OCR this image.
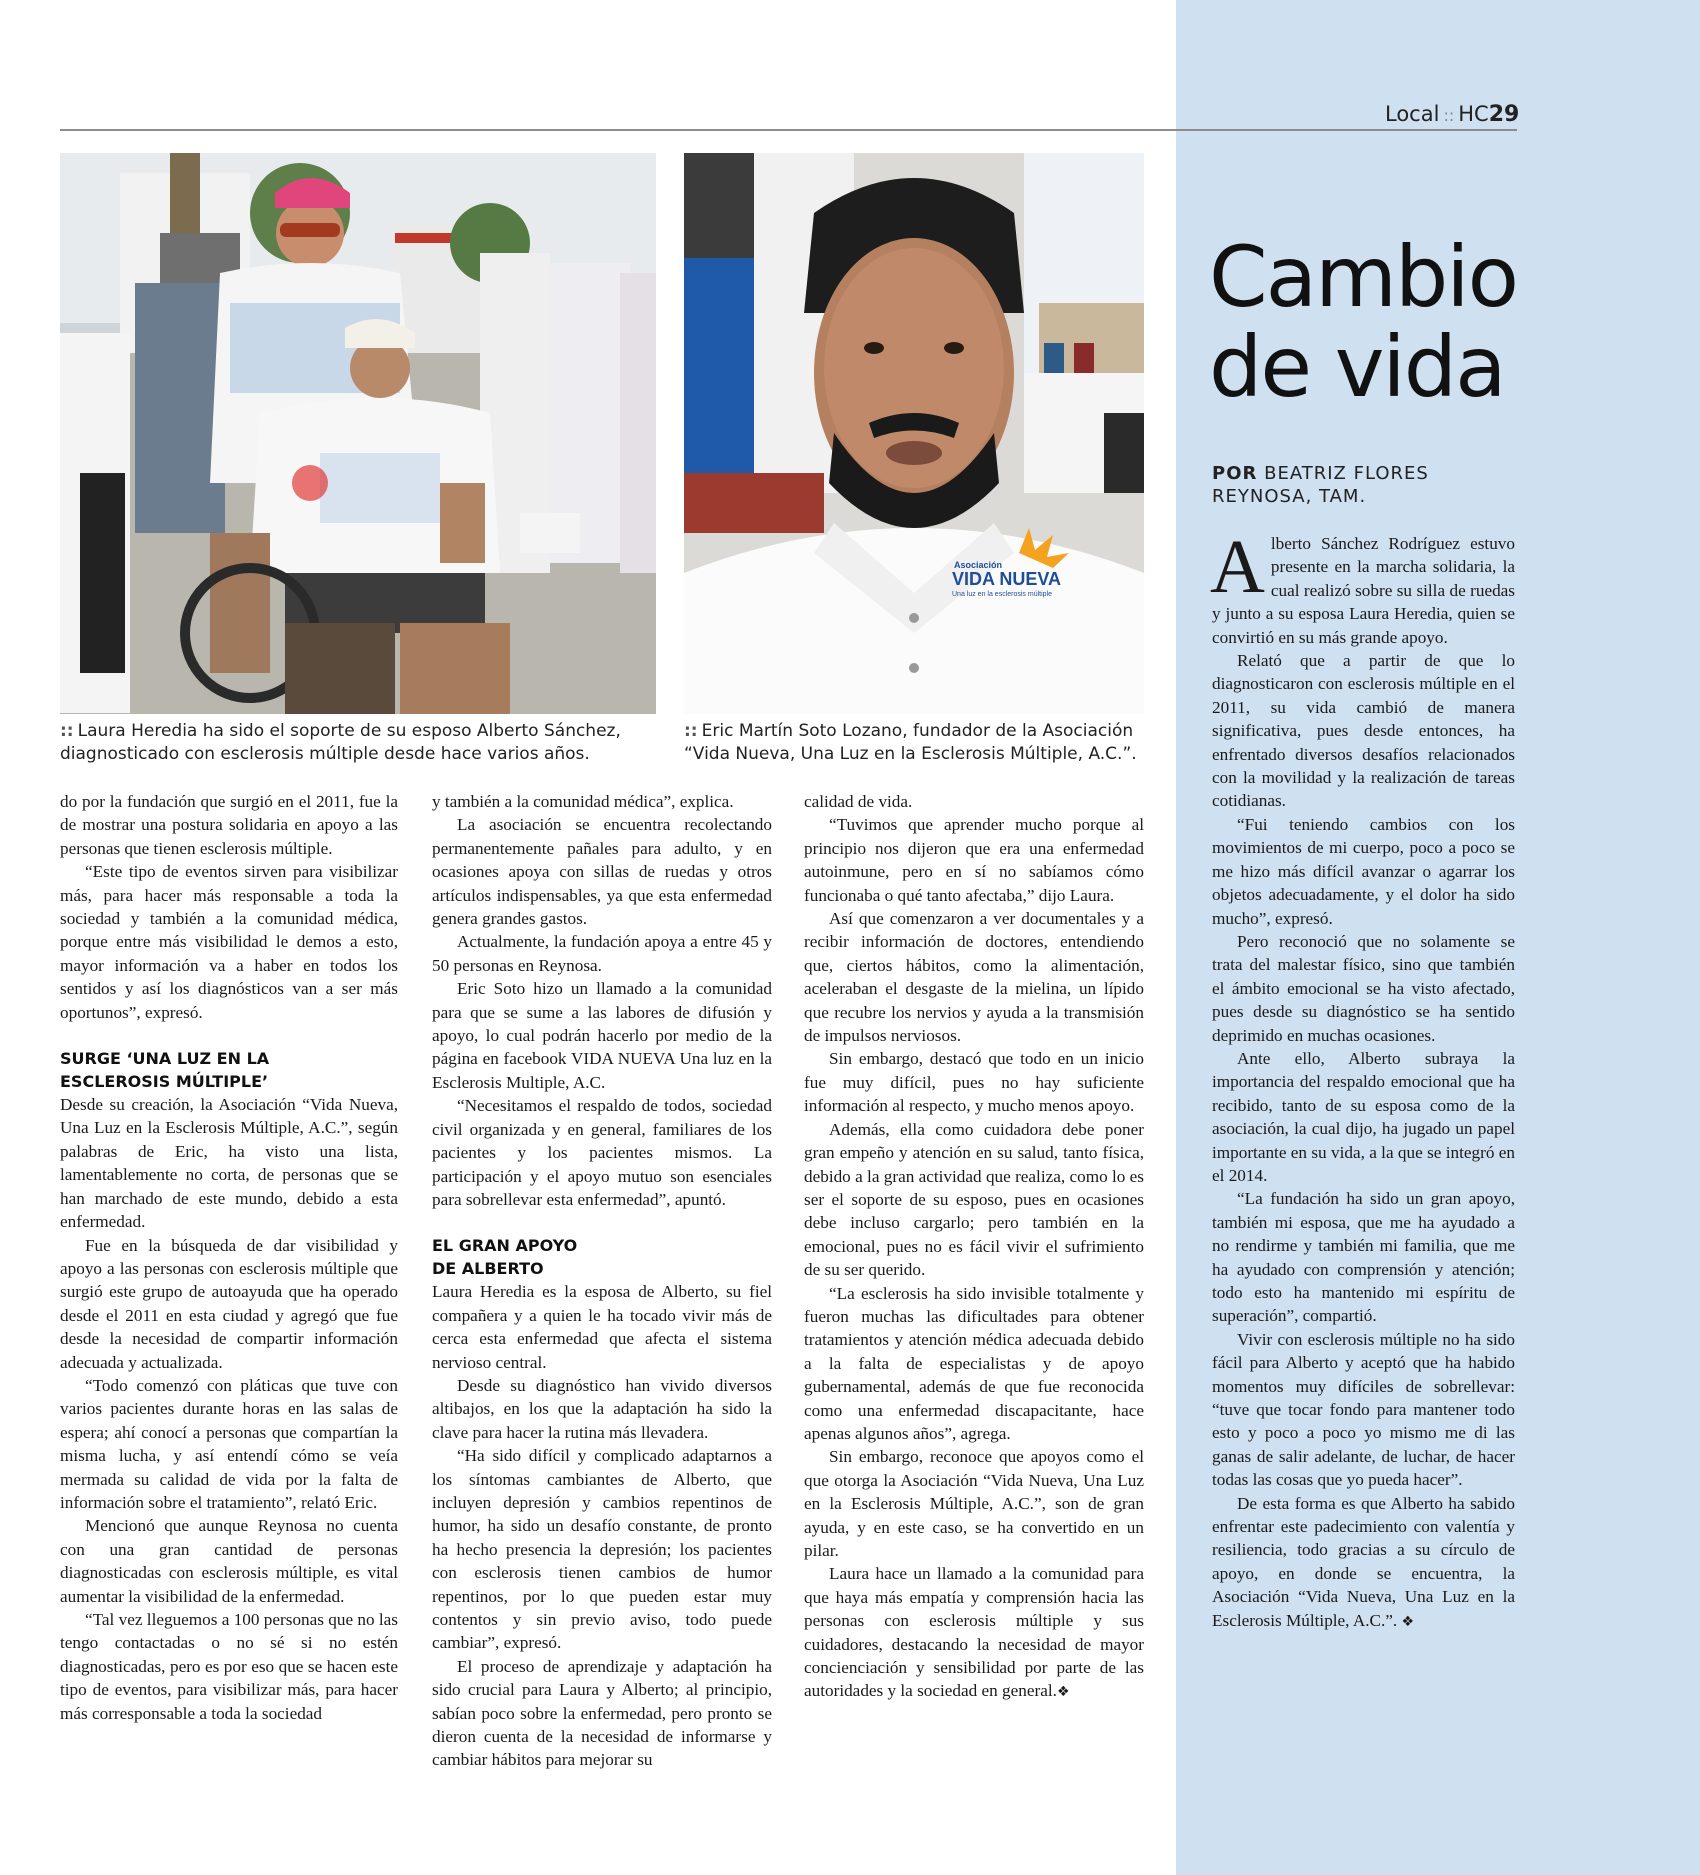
Local :: HC29
Asociación
VIDA NUEVA
Una luz en la esclerosis múltiple
:: Laura Heredia ha sido el soporte de su esposo Alberto Sánchez, diagnosticado con esclerosis múltiple desde hace varios años.
:: Eric Martín Soto Lozano, fundador de la Asociación “Vida Nueva, Una Luz en la Esclerosis Múltiple, A.C.”.

do por la fundación que surgió en el 2011, fue la de mostrar una postura solidaria en apoyo a las personas que tienen esclerosis múltiple.

“Este tipo de eventos sirven para visibilizar más, para hacer más responsable a toda la sociedad y también a la comunidad médica, porque entre más visibilidad le demos a esto, mayor información va a haber en todos los sentidos y así los diagnósticos van a ser más oportunos”, expresó.

SURGE ‘UNA LUZ EN LA
ESCLEROSIS MÚLTIPLE’

Desde su creación, la Asociación “Vida Nueva, Una Luz en la Esclerosis Múltiple, A.C.”, según palabras de Eric, ha visto una lista, lamentablemente no corta, de personas que se han marchado de este mundo, debido a esta enfermedad.

Fue en la búsqueda de dar visibilidad y apoyo a las personas con esclerosis múltiple que surgió este grupo de autoayuda que ha operado desde el 2011 en esta ciudad y agregó que fue desde la necesidad de compartir información adecuada y actualizada.

“Todo comenzó con pláticas que tuve con varios pacientes durante horas en las salas de espera; ahí conocí a personas que compartían la misma lucha, y así entendí cómo se veía mermada su calidad de vida por la falta de información sobre el tratamiento”, relató Eric.

Mencionó que aunque Reynosa no cuenta con una gran cantidad de personas diagnosticadas con esclerosis múltiple, es vital aumentar la visibilidad de la enfermedad.

“Tal vez lleguemos a 100 personas que no las tengo contactadas o no sé si no estén diagnosticadas, pero es por eso que se hacen este tipo de eventos, para visibilizar más, para hacer más corresponsable a toda la sociedad

y también a la comunidad médica”, explica.

La asociación se encuentra recolectando permanentemente pañales para adulto, y en ocasiones apoya con sillas de ruedas y otros artículos indispensables, ya que esta enfermedad genera grandes gastos.

Actualmente, la fundación apoya a entre 45 y 50 personas en Reynosa.

Eric Soto hizo un llamado a la comunidad para que se sume a las labores de difusión y apoyo, lo cual podrán hacerlo por medio de la página en facebook VIDA NUEVA Una luz en la Esclerosis Multiple, A.C.

“Necesitamos el respaldo de todos, sociedad civil organizada y en general, familiares de los pacientes y los pacientes mismos. La participación y el apoyo mutuo son esenciales para sobrellevar esta enfermedad”, apuntó.

EL GRAN APOYO
DE ALBERTO

Laura Heredia es la esposa de Alberto, su fiel compañera y a quien le ha tocado vivir más de cerca esta enfermedad que afecta el sistema nervioso central.

Desde su diagnóstico han vivido diversos altibajos, en los que la adaptación ha sido la clave para hacer la rutina más llevadera.

“Ha sido difícil y complicado adaptarnos a los síntomas cambiantes de Alberto, que incluyen depresión y cambios repentinos de humor, ha sido un desafío constante, de pronto ha hecho presencia la depresión; los pacientes con esclerosis tienen cambios de humor repentinos, por lo que pueden estar muy contentos y sin previo aviso, todo puede cambiar”, expresó.

El proceso de aprendizaje y adaptación ha sido crucial para Laura y Alberto; al principio, sabían poco sobre la enfermedad, pero pronto se dieron cuenta de la necesidad de informarse y cambiar hábitos para mejorar su

calidad de vida.

“Tuvimos que aprender mucho porque al principio nos dijeron que era una enfermedad autoinmune, pero en sí no sabíamos cómo funcionaba o qué tanto afectaba,” dijo Laura.

Así que comenzaron a ver documentales y a recibir información de doctores, entendiendo que, ciertos hábitos, como la alimentación, aceleraban el desgaste de la mielina, un lípido que recubre los nervios y ayuda a la transmisión de impulsos nerviosos.

Sin embargo, destacó que todo en un inicio fue muy difícil, pues no hay suficiente información al respecto, y mucho menos apoyo.

Además, ella como cuidadora debe poner gran empeño y atención en su salud, tanto física, debido a la gran actividad que realiza, como lo es ser el soporte de su esposo, pues en ocasiones debe incluso cargarlo; pero también en la emocional, pues no es fácil vivir el sufrimiento de su ser querido.

“La esclerosis ha sido invisible totalmente y fueron muchas las dificultades para obtener tratamientos y atención médica adecuada debido a la falta de especialistas y de apoyo gubernamental, además de que fue reconocida como una enfermedad discapacitante, hace apenas algunos años”, agrega.

Sin embargo, reconoce que apoyos como el que otorga la Asociación “Vida Nueva, Una Luz en la Esclerosis Múltiple, A.C.”, son de gran ayuda, y en este caso, se ha convertido en un pilar.

Laura hace un llamado a la comunidad para que haya más empatía y comprensión hacia las personas con esclerosis múltiple y sus cuidadores, destacando la necesidad de mayor concienciación y sensibilidad por parte de las autoridades y la sociedad en general.❖

Cambio
de vida
POR BEATRIZ FLORES
REYNOSA, TAM.

Alberto Sánchez Rodríguez estuvo presente en la marcha solidaria, la cual realizó sobre su silla de ruedas y junto a su esposa Laura Heredia, quien se convirtió en su más grande apoyo.

Relató que a partir de que lo diagnosticaron con esclerosis múltiple en el 2011, su vida cambió de manera significativa, pues desde entonces, ha enfrentado diversos desafíos relacionados con la movilidad y la realización de tareas cotidianas.

“Fui teniendo cambios con los movimientos de mi cuerpo, poco a poco se me hizo más difícil avanzar o agarrar los objetos adecuadamente, y el dolor ha sido mucho”, expresó.

Pero reconoció que no solamente se trata del malestar físico, sino que también el ámbito emocional se ha visto afectado, pues desde su diagnóstico se ha sentido deprimido en muchas ocasiones.

Ante ello, Alberto subraya la importancia del respaldo emocional que ha recibido, tanto de su esposa como de la asociación, la cual dijo, ha jugado un papel importante en su vida, a la que se integró en el 2014.

“La fundación ha sido un gran apoyo, también mi esposa, que me ha ayudado a no rendirme y también mi familia, que me ha ayudado con comprensión y atención; todo esto ha mantenido mi espíritu de superación”, compartió.

Vivir con esclerosis múltiple no ha sido fácil para Alberto y aceptó que ha habido momentos muy difíciles de sobrellevar: “tuve que tocar fondo para mantener todo esto y poco a poco yo mismo me di las ganas de salir adelante, de luchar, de hacer todas las cosas que yo pueda hacer”.

De esta forma es que Alberto ha sabido enfrentar este padecimiento con valentía y resiliencia, todo gracias a su círculo de apoyo, en donde se encuentra, la Asociación “Vida Nueva, Una Luz en la Esclerosis Múltiple, A.C.”. ❖
